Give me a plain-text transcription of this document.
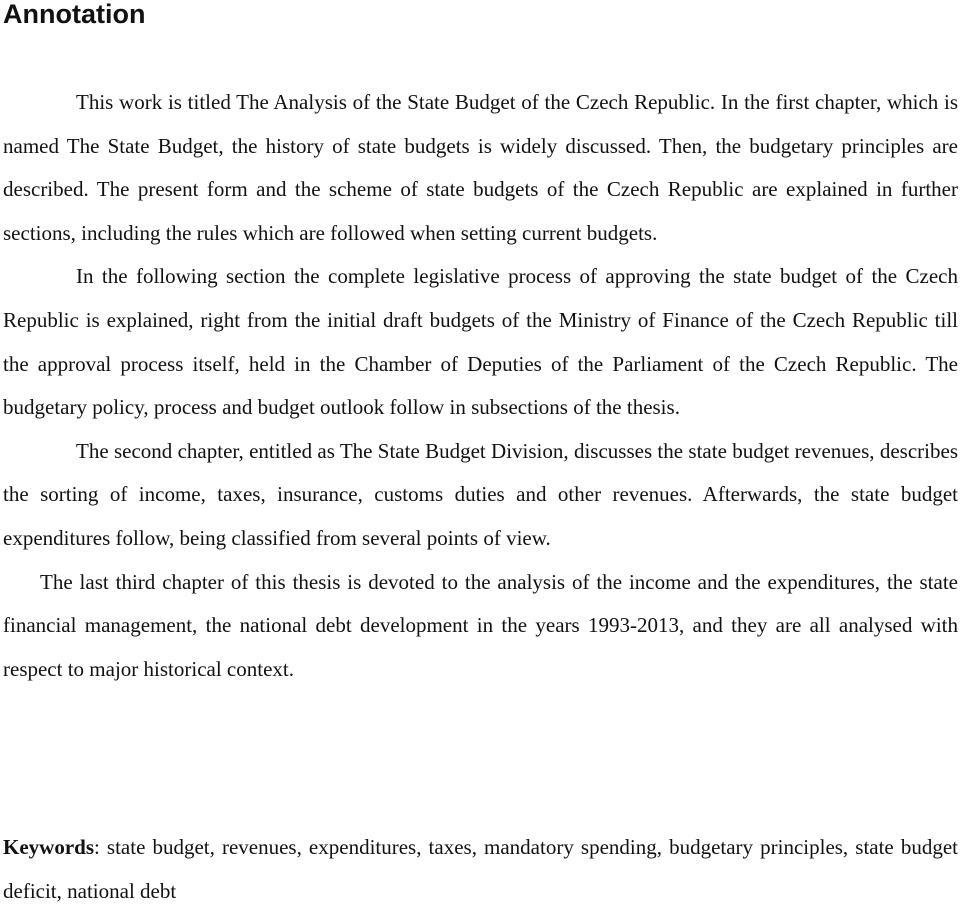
Annotation

This work is titled The Analysis of the State Budget of the Czech Republic. In the first chapter, which is named The State Budget, the history of state budgets is widely discussed. Then, the budgetary principles are described. The present form and the scheme of state budgets of the Czech Republic are explained in further sections, including the rules which are followed when setting current budgets.

In the following section the complete legislative process of approving the state budget of the Czech Republic is explained, right from the initial draft budgets of the Ministry of Finance of the Czech Republic till the approval process itself, held in the Chamber of Deputies of the Parliament of the Czech Republic. The budgetary policy, process and budget outlook follow in subsections of the thesis.

The second chapter, entitled as The State Budget Division, discusses the state budget revenues, describes the sorting of income, taxes, insurance, customs duties and other revenues. Afterwards, the state budget expenditures follow, being classified from several points of view.

The last third chapter of this thesis is devoted to the analysis of the income and the expenditures, the state financial management, the national debt development in the years 1993-2013, and they are all analysed with respect to major historical context.

Keywords: state budget, revenues, expenditures, taxes, mandatory spending, budgetary principles, state budget deficit, national debt
